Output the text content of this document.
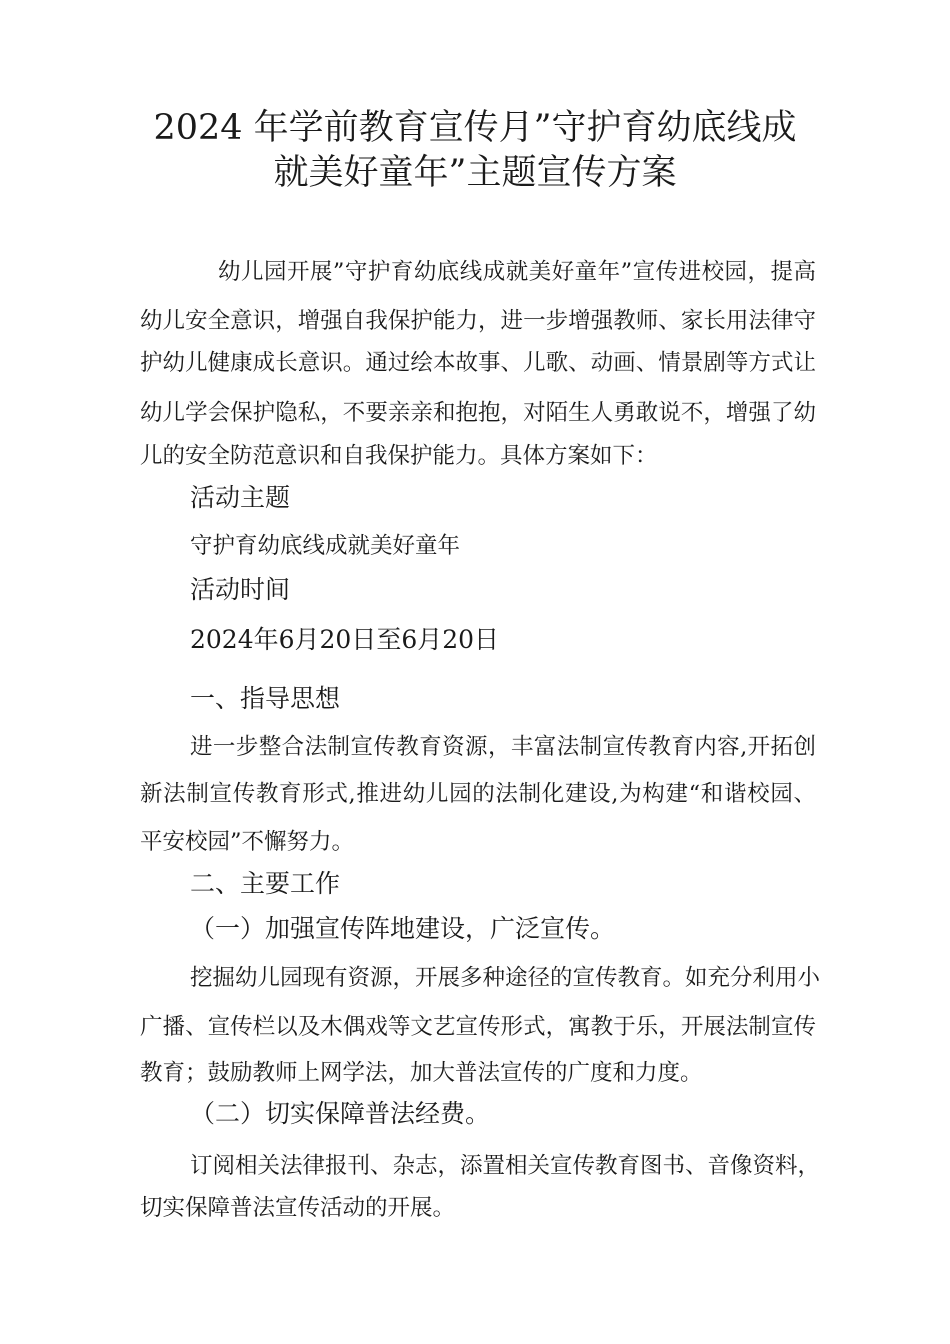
2024 年学前教育宣传月”守护育幼底线成
就美好童年”主题宣传方案
幼儿园开展”守护育幼底线成就美好童年”宣传进校园，提高
幼儿安全意识，增强自我保护能力，进一步增强教师、家长用法律守
护幼儿健康成长意识。通过绘本故事、儿歌、动画、情景剧等方式让
幼儿学会保护隐私，不要亲亲和抱抱，对陌生人勇敢说不，增强了幼
儿的安全防范意识和自我保护能力。具体方案如下：
活动主题
守护育幼底线成就美好童年
活动时间
2024年6月20日至6月20日
一、指导思想
进一步整合法制宣传教育资源，丰富法制宣传教育内容,开拓创
新法制宣传教育形式,推进幼儿园的法制化建设,为构建“和谐校园、
平安校园”不懈努力。
二、主要工作
（一）加强宣传阵地建设，广泛宣传。
挖掘幼儿园现有资源，开展多种途径的宣传教育。如充分利用小
广播、宣传栏以及木偶戏等文艺宣传形式，寓教于乐，开展法制宣传
教育；鼓励教师上网学法，加大普法宣传的广度和力度。
（二）切实保障普法经费。
订阅相关法律报刊、杂志，添置相关宣传教育图书、音像资料，
切实保障普法宣传活动的开展。
